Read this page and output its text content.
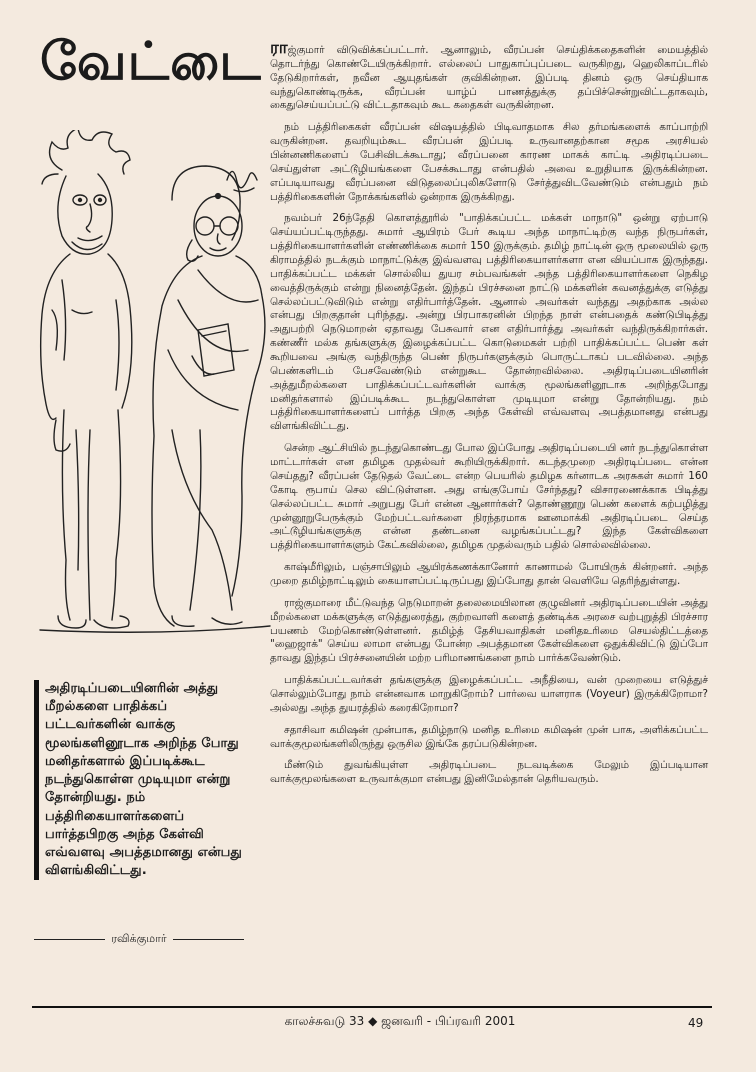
வேட்டை
அதிரடிப்படையினரின் அத்து மீறல்களை பாதிக்கப் பட்டவர்களின் வாக்கு மூலங்களினூடாக அறிந்த போது மனிதர்களால் இப்படிக்கூட நடந்துகொள்ள முடியுமா என்று தோன்றியது. நம் பத்திரிகையாளர்களைப் பார்த்தபிறகு அந்த கேள்வி எவ்வளவு அபத்தமானது என்பது விளங்கிவிட்டது.
ரவிக்குமார்

ராஜ்குமார் விடுவிக்கப்பட்டார். ஆனாலும், வீரப்பன் செய்திக்கதைகளின் மையத்தில் தொடர்ந்து கொண்டேயிருக்கிறார். எல்லைப் பாதுகாப்புப்படை வருகிறது, ஹெலிகாப்டரில் தேடுகிறார்கள், நவீன ஆயுதங்கள் குவிகின்றன. இப்படி தினம் ஒரு செய்தியாக வந்துகொண்டிருக்க, வீரப்பன் யாழ்ப் பாணத்துக்கு தப்பிச்சென்றுவிட்டதாகவும், கைதுசெய்யப்பட்டு விட்டதாகவும் கூட கதைகள் வருகின்றன.

நம் பத்திரிகைகள் வீரப்பன் விஷயத்தில் பிடிவாதமாக சில தர்மங்களைக் காப்பாற்றி வருகின்றன. தவறியும்கூட வீரப்பன் இப்படி உருவானதற்கான சமூக அரசியல் பின்னணிகளைப் பேசிவிடக்கூடாது; வீரப்பனை காரண மாகக் காட்டி அதிரடிப்படை செய்துள்ள அட்டூழியங்களை பேசக்கூடாது என்பதில் அவை உறுதியாக இருக்கின்றன. எப்படியாவது வீரப்பனை விடுதலைப்புலிகளோடு சேர்த்துவிடவேண்டும் என்பதும் நம் பத்திரிகைகளின் நோக்கங்களில் ஒன்றாக இருக்கிறது.

நவம்பர் 26ந்தேதி கொளத்தூரில் "பாதிக்கப்பட்ட மக்கள் மாநாடு" ஒன்று ஏற்பாடு செய்யப்பட்டிருந்தது. சுமார் ஆயிரம் பேர் கூடிய அந்த மாநாட்டிற்கு வந்த நிருபர்கள், பத்திரிகையாளர்களின் எண்ணிக்கை சுமார் 150 இருக்கும். தமிழ் நாட்டின் ஒரு மூலையில் ஒரு கிராமத்தில் நடக்கும் மாநாட்டுக்கு இவ்வளவு பத்திரிகையாளர்களா என வியப்பாக இருந்தது. பாதிக்கப்பட்ட மக்கள் சொல்லிய துயர சம்பவங்கள் அந்த பத்திரிகையாளர்களை நெகிழ வைத்திருக்கும் என்று நினைத்தேன். இந்தப் பிரச்சனை நாட்டு மக்களின் கவனத்துக்கு எடுத்து செல்லப்பட்டுவிடும் என்று எதிர்பார்த்தேன். ஆனால் அவர்கள் வந்தது அதற்காக அல்ல என்பது பிறகுதான் புரிந்தது. அன்று பிரபாகரனின் பிறந்த நாள் என்பதைக் கண்டுபிடித்து அதுபற்றி நெடுமாறன் ஏதாவது பேசுவார் என எதிர்பார்த்து அவர்கள் வந்திருக்கிறார்கள். கண்ணீர் மல்க தங்களுக்கு இழைக்கப்பட்ட கொடுமைகள் பற்றி பாதிக்கப்பட்ட பெண் கள் கூறியவை அங்கு வந்திருந்த பெண் நிருபர்களுக்கும் பொருட்டாகப் படவில்லை. அந்த பெண்களிடம் பேசவேண்டும் என்றுகூட தோன்றவில்லை. அதிரடிப்படையினரின் அத்துமீறல்களை பாதிக்கப்பட்டவர்களின் வாக்கு மூலங்களினூடாக அறிந்தபோது மனிதர்களால் இப்படிக்கூட நடந்துகொள்ள முடியுமா என்று தோன்றியது. நம் பத்திரிகையாளர்களைப் பார்த்த பிறகு அந்த கேள்வி எவ்வளவு அபத்தமானது என்பது விளங்கிவிட்டது.

சென்ற ஆட்சியில் நடந்துகொண்டது போல இப்போது அதிரடிப்படையி னர் நடந்துகொள்ள மாட்டார்கள் என தமிழக முதல்வர் கூறியிருக்கிறார். கடந்தமுறை அதிரடிப்படை என்ன செய்தது? வீரப்பன் தேடுதல் வேட்டை என்ற பெயரில் தமிழக கர்னாடக அரசுகள் சுமார் 160 கோடி ரூபாய் செல விட்டுள்ளன. அது எங்குபோய் சேர்ந்தது? விசாரணைக்காக பிடித்து செல்லப்பட்ட சுமார் அறுபது பேர் என்ன ஆனார்கள்? தொண்ணூறு பெண் களைக் கற்பழித்து முன்னூறுபேருக்கும் மேற்பட்டவர்களை நிரந்தரமாக ஊனமாக்கி அதிரடிப்படை செய்த அட்டூழியங்களுக்கு என்ன தண்டனை வழங்கப்பட்டது? இந்த கேள்விகளை பத்திரிகையாளர்களும் கேட்கவில்லை, தமிழக முதல்வரும் பதில் சொல்லவில்லை.

காஷ்மீரிலும், பஞ்சாபிலும் ஆயிரக்கணக்கானோர் காணாமல் போயிருக் கின்றனர். அந்த முறை தமிழ்நாட்டிலும் கையாளப்பட்டிருப்பது இப்போது தான் வெளியே தெரிந்துள்ளது.

ராஜ்குமாரை மீட்டுவந்த நெடுமாறன் தலைமையிலான குழுவினர் அதிரடிப்படையின் அத்து மீறல்களை மக்களுக்கு எடுத்துரைத்து, குற்றவாளி களைத் தண்டிக்க அரசை வற்புறுத்தி பிரச்சார பயணம் மேற்கொண்டுள்ளனர். தமிழ்த் தேசியவாதிகள் மனிதஉரிமை செயல்திட்டத்தை "ஹைஜாக்" செய்ய லாமா என்பது போன்ற அபத்தமான கேள்விகளை ஒதுக்கிவிட்டு இப்போ தாவது இந்தப் பிரச்சனையின் மற்ற பரிமாணங்களை நாம் பார்க்கவேண்டும்.

பாதிக்கப்பட்டவர்கள் தங்களுக்கு இழைக்கப்பட்ட அநீதியை, வன் முறையை எடுத்துச் சொல்லும்போது நாம் என்னவாக மாறுகிறோம்? பார்வை யாளராக (Voyeur) இருக்கிறோமா? அல்லது அந்த துயரத்தில் கரைகிறோமா?

சதாசிவா கமிஷன் முன்பாக, தமிழ்நாடு மனித உரிமை கமிஷன் முன் பாக, அளிக்கப்பட்ட வாக்குமூலங்களிலிருந்து ஒருசில இங்கே தரப்படுகின்றன.

மீண்டும் துவங்கியுள்ள அதிரடிப்படை நடவடிக்கை மேலும் இப்படியான வாக்குமூலங்களை உருவாக்குமா என்பது இனிமேல்தான் தெரியவரும்.

காலச்சுவடு 33 ◆ ஜனவரி - பிப்ரவரி 2001	49
